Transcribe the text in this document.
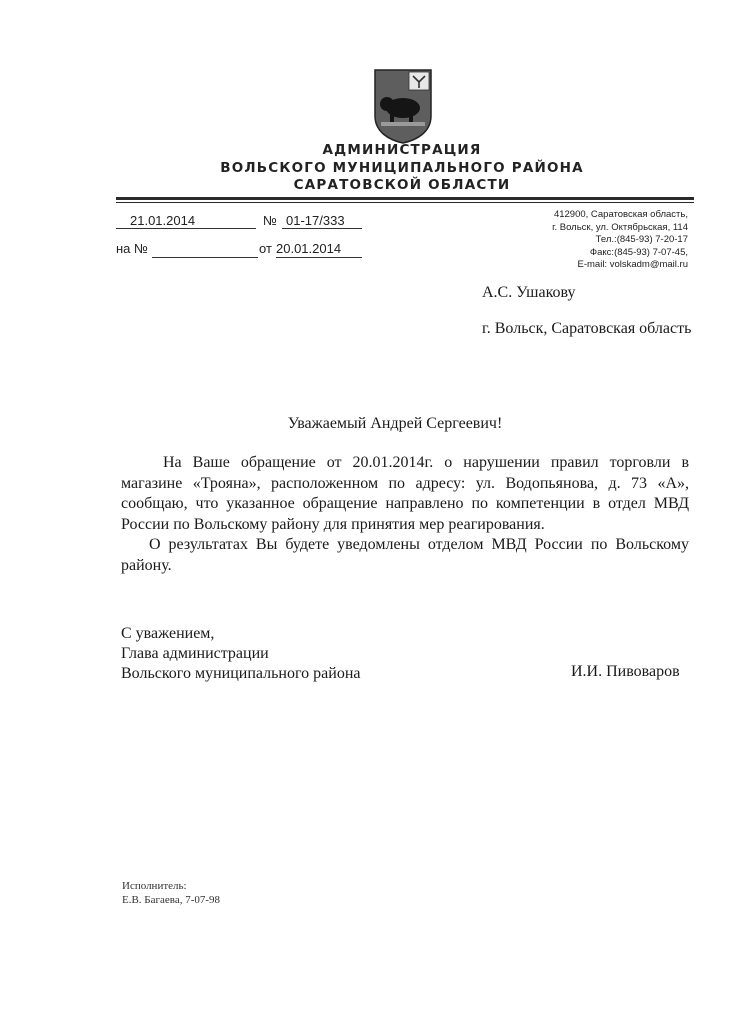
АДМИНИСТРАЦИЯ
ВОЛЬСКОГО МУНИЦИПАЛЬНОГО РАЙОНА
САРАТОВСКОЙ ОБЛАСТИ
21.01.2014	№ 01-17/333
на №	от 20.01.2014
412900, Саратовская область,
г. Вольск, ул. Октябрьская, 114
Тел.:(845-93) 7-20-17
Факс:(845-93) 7-07-45,
E-mail: volskadm@mail.ru
А.С. Ушакову
г. Вольск, Саратовская область
Уважаемый Андрей Сергеевич!

На Ваше обращение от 20.01.2014г. о нарушении правил торговли в магазине «Трояна», расположенном по адресу: ул. Водопьянова, д. 73 «А», сообщаю, что указанное обращение направлено по компетенции в отдел МВД России по Вольскому району для принятия мер реагирования.

О результатах Вы будете уведомлены отделом МВД России по Вольскому району.

С уважением,
Глава администрации
Вольского муниципального района	И.И. Пивоваров
Исполнитель:
Е.В. Багаева, 7-07-98
